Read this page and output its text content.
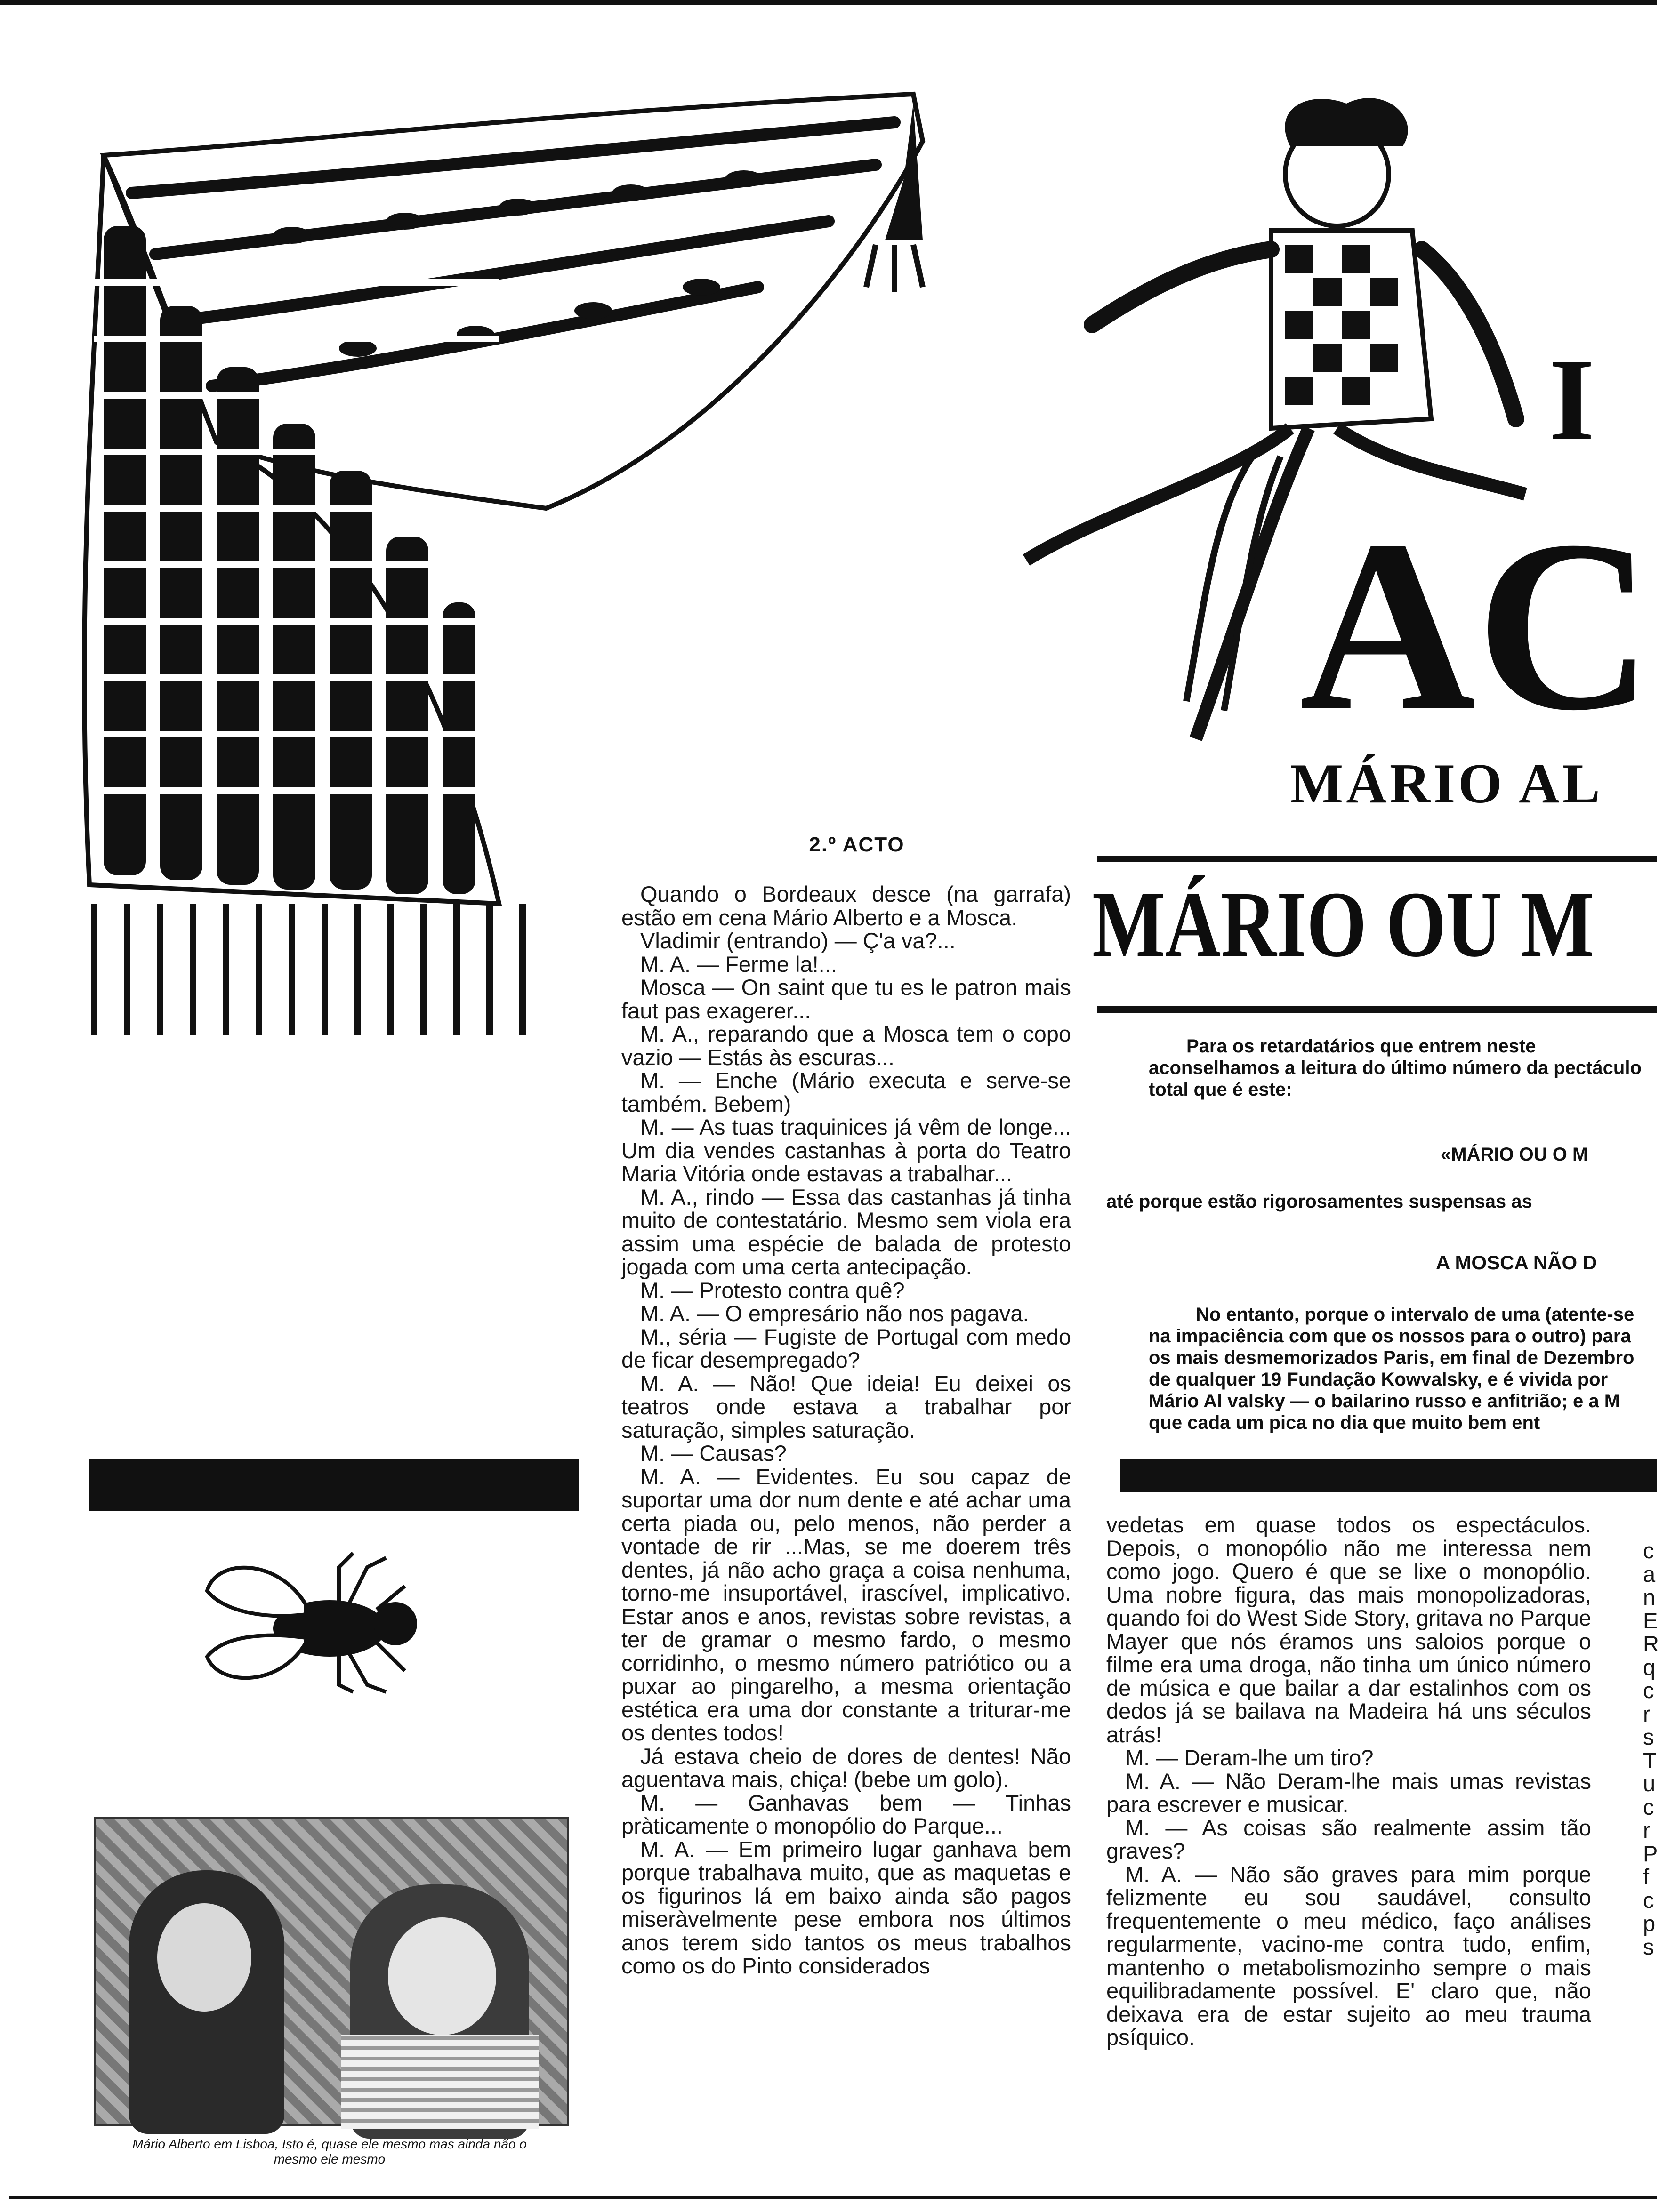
I
AC
MÁRIO AL
MÁRIO OU M
Para os retardatários que entrem neste aconselhamos a leitura do último número da pectáculo total que é este:
«MÁRIO OU O M
até porque estão rigorosamentes suspensas as
A MOSCA NÃO D
No entanto, porque o intervalo de uma (atente-se na impaciência com que os nossos para o outro) para os mais desmemorizados Paris, em final de Dezembro de qualquer 19 Fundação Kowvalsky, e é vivida por Mário Al valsky — o bailarino russo e anfitrião; e a M que cada um pica no dia que muito bem ent
Mário Alberto em Lisboa, Isto é, quase ele mesmo mas ainda não o mesmo ele mesmo
2.º ACTO

Quando o Bordeaux desce (na garrafa) estão em cena Mário Alberto e a Mosca.

Vladimir (entrando) — Ç'a va?...

M. A. — Ferme la!...

Mosca — On saint que tu es le patron mais faut pas exagerer...

M. A., reparando que a Mosca tem o copo vazio — Estás às escuras...

M. — Enche (Mário executa e serve-se também. Bebem)

M. — As tuas traquinices já vêm de longe... Um dia vendes castanhas à porta do Teatro Maria Vitória onde estavas a trabalhar...

M. A., rindo — Essa das castanhas já tinha muito de contestatário. Mesmo sem viola era assim uma espécie de balada de protesto jogada com uma certa antecipação.

M. — Protesto contra quê?

M. A. — O empresário não nos pagava.

M., séria — Fugiste de Portugal com medo de ficar desempregado?

M. A. — Não! Que ideia! Eu deixei os teatros onde estava a trabalhar por saturação, simples saturação.

M. — Causas?

M. A. — Evidentes. Eu sou capaz de suportar uma dor num dente e até achar uma certa piada ou, pelo menos, não perder a vontade de rir ...Mas, se me doerem três dentes, já não acho graça a coisa nenhuma, torno-me insuportável, irascível, implicativo. Estar anos e anos, revistas sobre revistas, a ter de gramar o mesmo fardo, o mesmo corridinho, o mesmo número patriótico ou a puxar ao pingarelho, a mesma orientação estética era uma dor constante a triturar-me os dentes todos!

Já estava cheio de dores de dentes! Não aguentava mais, chiça! (bebe um golo).

M. — Ganhavas bem — Tinhas pràticamente o monopólio do Parque...

M. A. — Em primeiro lugar ganhava bem porque trabalhava muito, que as maquetas e os figurinos lá em baixo ainda são pagos miseràvelmente pese embora nos últimos anos terem sido tantos os meus trabalhos como os do Pinto considerados

vedetas em quase todos os espectáculos. Depois, o monopólio não me interessa nem como jogo. Quero é que se lixe o monopólio. Uma nobre figura, das mais monopolizadoras, quando foi do West Side Story, gritava no Parque Mayer que nós éramos uns saloios porque o filme era uma droga, não tinha um único número de música e que bailar a dar estalinhos com os dedos já se bailava na Madeira há uns séculos atrás!

M. — Deram-lhe um tiro?

M. A. — Não Deram-lhe mais umas revistas para escrever e musicar.

M. — As coisas são realmente assim tão graves?

M. A. — Não são graves para mim porque felizmente eu sou saudável, consulto frequentemente o meu médico, faço análises regularmente, vacino-me contra tudo, enfim, mantenho o metabolismozinho sempre o mais equilibradamente possível. E' claro que, não deixava era de estar sujeito ao meu trauma psíquico.

c
a
n
E
R
q
c
r
s
T
u
c
r
P
f
c
p
s
